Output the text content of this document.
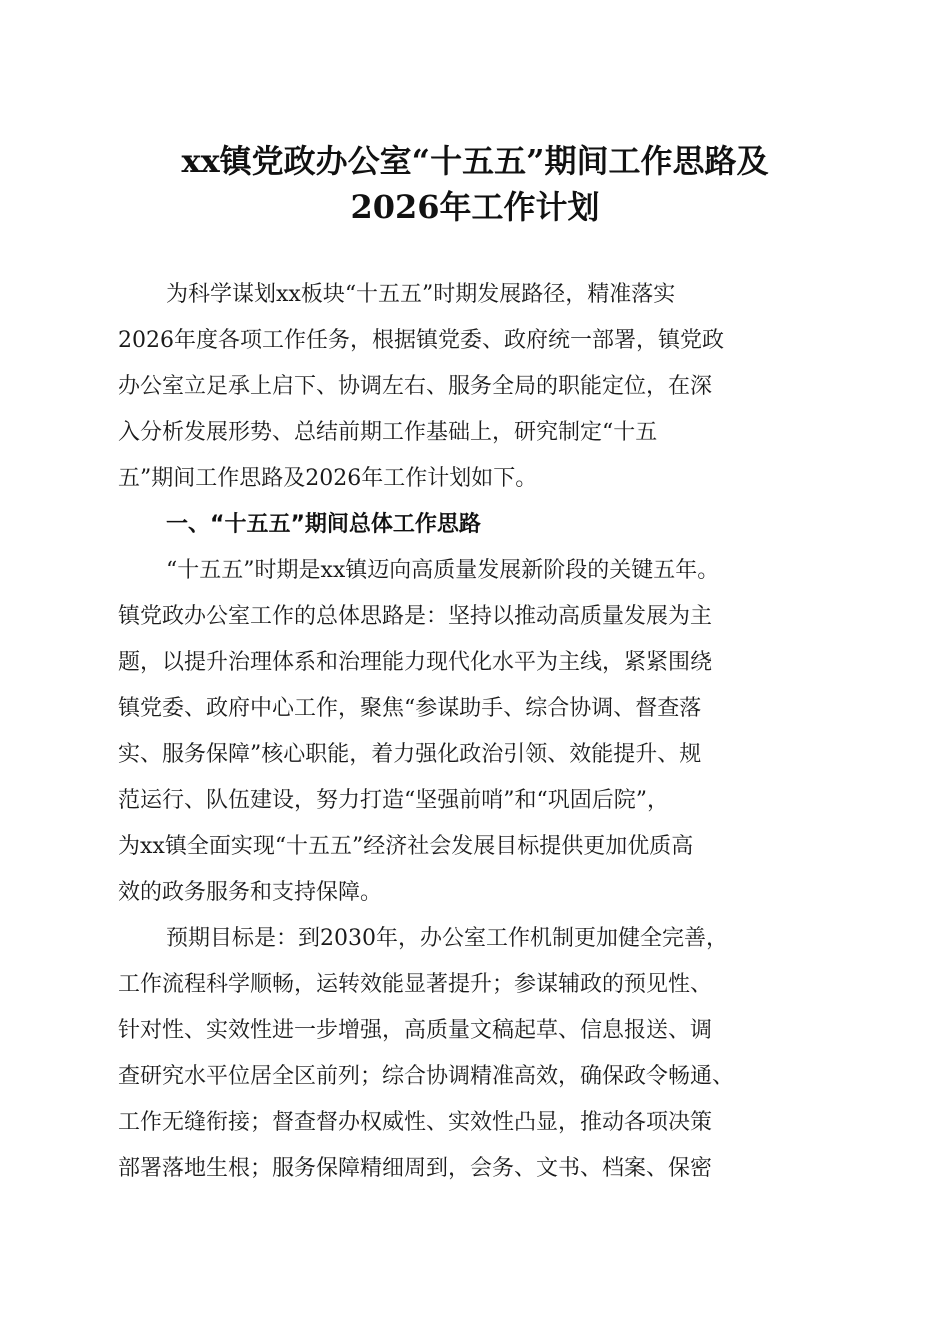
xx镇党政办公室“十五五”期间工作思路及
2026年工作计划
为科学谋划xx板块“十五五”时期发展路径，精准落实
2026年度各项工作任务，根据镇党委、政府统一部署，镇党政
办公室立足承上启下、协调左右、服务全局的职能定位，在深
入分析发展形势、总结前期工作基础上，研究制定“十五
五”期间工作思路及2026年工作计划如下。
一、“十五五”期间总体工作思路
“十五五”时期是xx镇迈向高质量发展新阶段的关键五年。
镇党政办公室工作的总体思路是：坚持以推动高质量发展为主
题，以提升治理体系和治理能力现代化水平为主线，紧紧围绕
镇党委、政府中心工作，聚焦“参谋助手、综合协调、督查落
实、服务保障”核心职能，着力强化政治引领、效能提升、规
范运行、队伍建设，努力打造“坚强前哨”和“巩固后院”，
为xx镇全面实现“十五五”经济社会发展目标提供更加优质高
效的政务服务和支持保障。
预期目标是：到2030年，办公室工作机制更加健全完善，
工作流程科学顺畅，运转效能显著提升；参谋辅政的预见性、
针对性、实效性进一步增强，高质量文稿起草、信息报送、调
查研究水平位居全区前列；综合协调精准高效，确保政令畅通、
工作无缝衔接；督查督办权威性、实效性凸显，推动各项决策
部署落地生根；服务保障精细周到，会务、文书、档案、保密
